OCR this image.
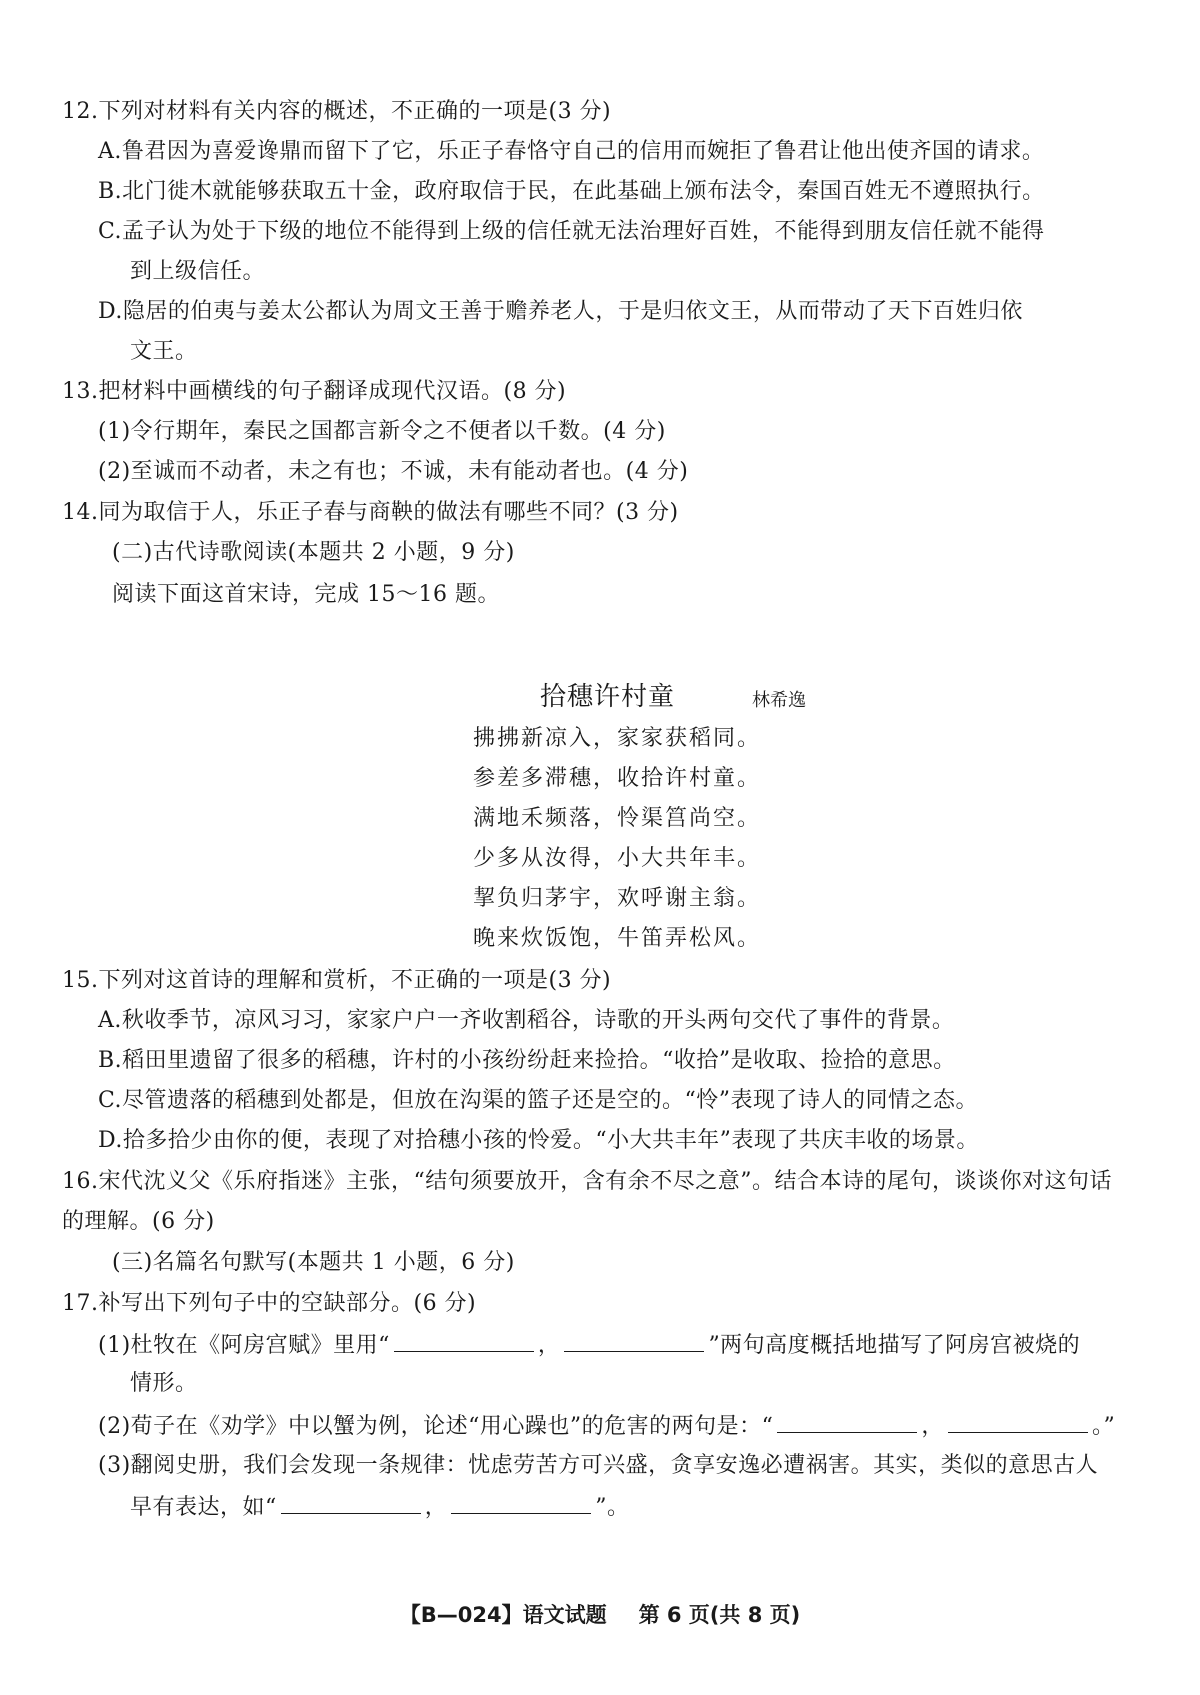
12.下列对材料有关内容的概述，不正确的一项是(3 分)
A.鲁君因为喜爱谗鼎而留下了它，乐正子春恪守自己的信用而婉拒了鲁君让他出使齐国的请求。
B.北门徙木就能够获取五十金，政府取信于民，在此基础上颁布法令，秦国百姓无不遵照执行。
C.孟子认为处于下级的地位不能得到上级的信任就无法治理好百姓，不能得到朋友信任就不能得
到上级信任。
D.隐居的伯夷与姜太公都认为周文王善于赡养老人，于是归依文王，从而带动了天下百姓归依
文王。
13.把材料中画横线的句子翻译成现代汉语。(8 分)
(1)令行期年，秦民之国都言新令之不便者以千数。(4 分)
(2)至诚而不动者，未之有也；不诚，未有能动者也。(4 分)
14.同为取信于人，乐正子春与商鞅的做法有哪些不同？(3 分)
(二)古代诗歌阅读(本题共 2 小题，9 分)
阅读下面这首宋诗，完成 15～16 题。
拾穗许村童	林希逸
拂拂新凉入，家家获稻同。
参差多滞穗，收拾许村童。
满地禾频落，怜渠筥尚空。
少多从汝得，小大共年丰。
挈负归茅宇，欢呼谢主翁。
晚来炊饭饱，牛笛弄松风。
15.下列对这首诗的理解和赏析，不正确的一项是(3 分)
A.秋收季节，凉风习习，家家户户一齐收割稻谷，诗歌的开头两句交代了事件的背景。
B.稻田里遗留了很多的稻穗，许村的小孩纷纷赶来捡拾。“收拾”是收取、捡拾的意思。
C.尽管遗落的稻穗到处都是，但放在沟渠的篮子还是空的。“怜”表现了诗人的同情之态。
D.拾多拾少由你的便，表现了对拾穗小孩的怜爱。“小大共丰年”表现了共庆丰收的场景。
16.宋代沈义父《乐府指迷》主张，“结句须要放开，含有余不尽之意”。结合本诗的尾句，谈谈你对这句话
的理解。(6 分)
(三)名篇名句默写(本题共 1 小题，6 分)
17.补写出下列句子中的空缺部分。(6 分)
(1)杜牧在《阿房宫赋》里用“	，	”两句高度概括地描写了阿房宫被烧的
情形。
(2)荀子在《劝学》中以蟹为例，论述“用心躁也”的危害的两句是：“	，	。”
(3)翻阅史册，我们会发现一条规律：忧虑劳苦方可兴盛，贪享安逸必遭祸害。其实，类似的意思古人
早有表达，如“	，	”。
【B—024】语文试题 第 6 页(共 8 页)
